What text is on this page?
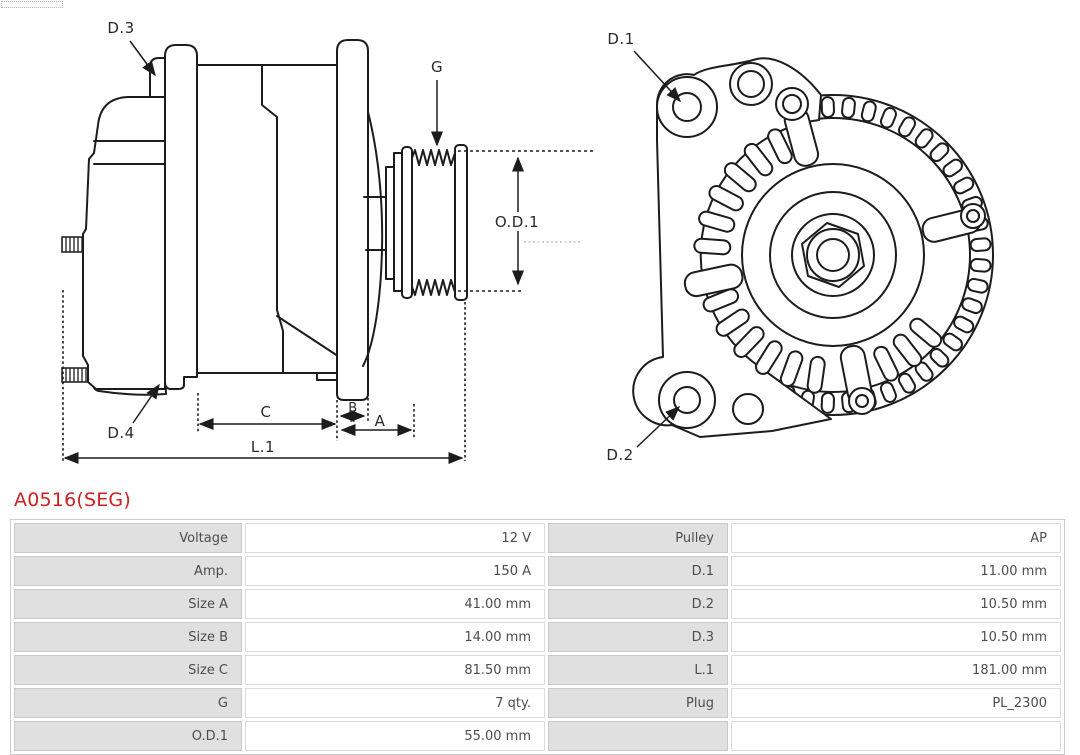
D.3
G
O.D.1
D.4
C	B
A
L.1
D.1
D.2
A0516(SEG)
Voltage	12 V	Pulley	AP
Amp.	150 A	D.1	11.00 mm
Size A	41.00 mm	D.2	10.50 mm
Size B	14.00 mm	D.3	10.50 mm
Size C	81.50 mm	L.1	181.00 mm
G	7 qty.	Plug	PL_2300
O.D.1	55.00 mm		
